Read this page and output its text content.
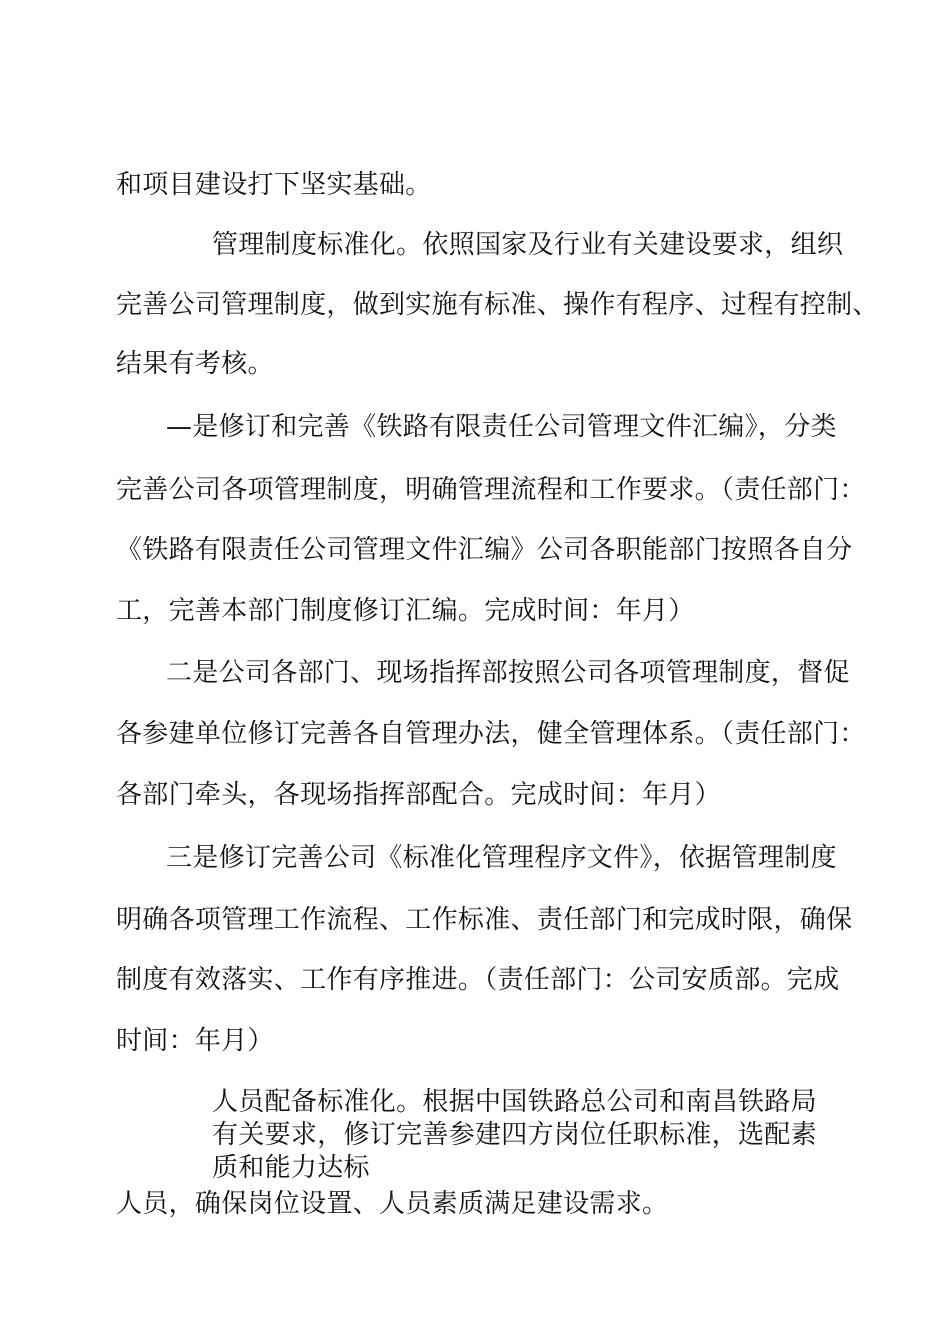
和项目建设打下坚实基础。
管理制度标准化。依照国家及行业有关建设要求，组织
完善公司管理制度，做到实施有标准、操作有程序、过程有控制、
结果有考核。
—是修订和完善《铁路有限责任公司管理文件汇编》，分类
完善公司各项管理制度，明确管理流程和工作要求。（责任部门：
《铁路有限责任公司管理文件汇编》公司各职能部门按照各自分
工，完善本部门制度修订汇编。完成时间：年月）
二是公司各部门、现场指挥部按照公司各项管理制度，督促
各参建单位修订完善各自管理办法，健全管理体系。（责任部门：
各部门牵头，各现场指挥部配合。完成时间：年月）
三是修订完善公司《标准化管理程序文件》，依据管理制度
明确各项管理工作流程、工作标准、责任部门和完成时限，确保
制度有效落实、工作有序推进。（责任部门：公司安质部。完成
时间：年月）
人员配备标准化。根据中国铁路总公司和南昌铁路局有关要求，修订完善参建四方岗位任职标准，选配素质和能力达标
人员，确保岗位设置、人员素质满足建设需求。
